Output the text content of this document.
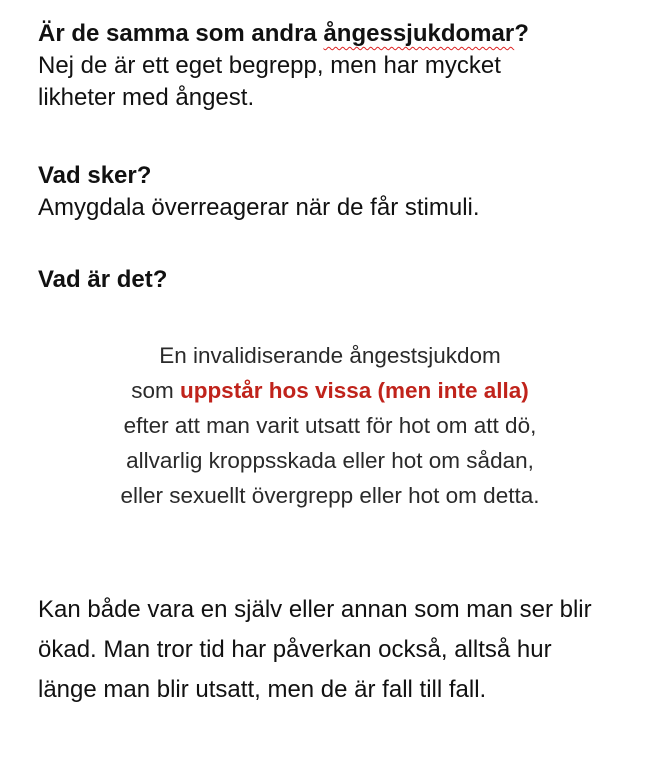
Är de samma som andra ångessjukdomar?

Nej de är ett eget begrepp, men har mycket likheter med ångest.

Vad sker?

Amygdala överreagerar när de får stimuli.

Vad är det?

En invalidiserande ångestsjukdom
som uppstår hos vissa (men inte alla)
efter att man varit utsatt för hot om att dö,
allvarlig kroppsskada eller hot om sådan,
eller sexuellt övergrepp eller hot om detta.

Kan både vara en själv eller annan som man ser blir ökad. Man tror tid har påverkan också, alltså hur länge man blir utsatt, men de är fall till fall.
